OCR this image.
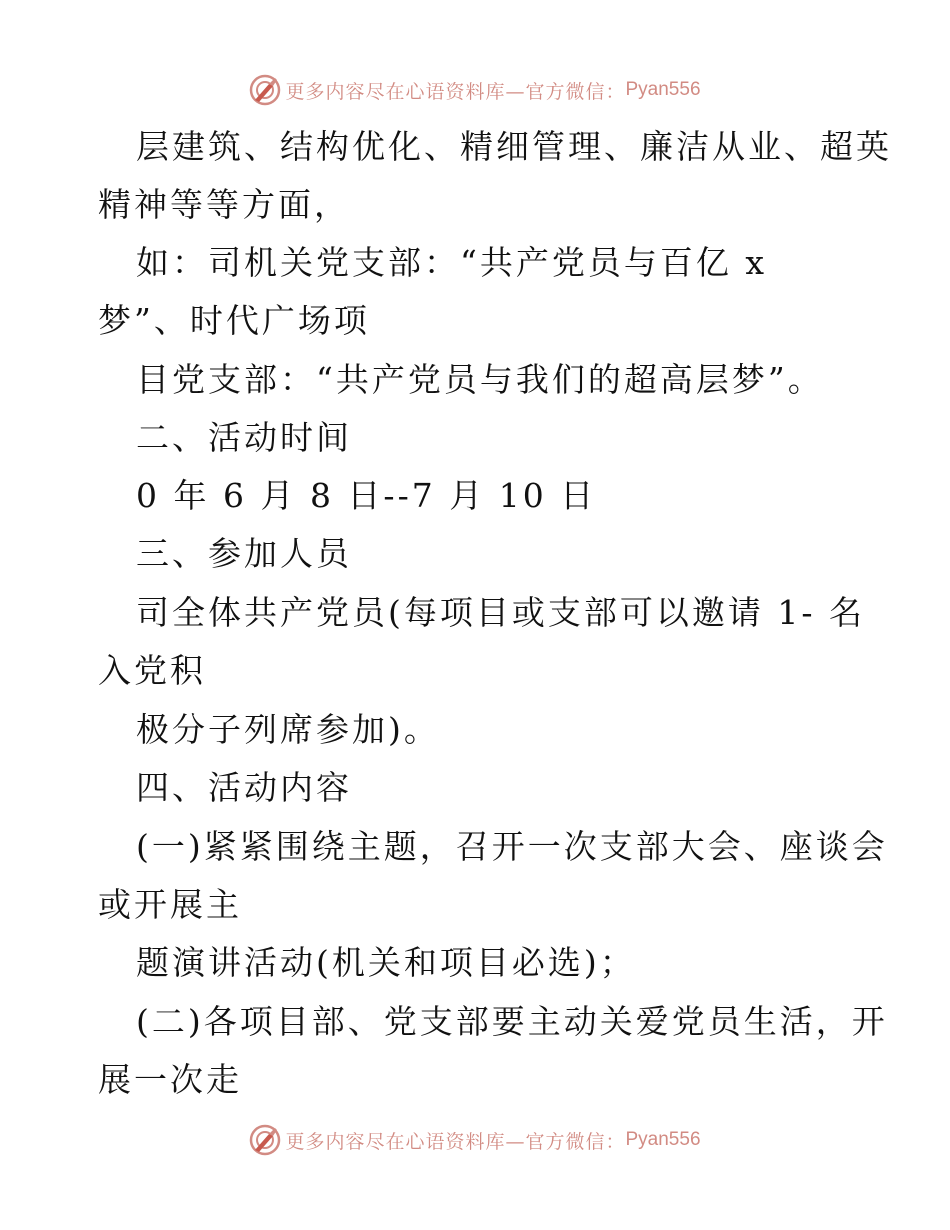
更多内容尽在心语资料库—官方微信： Pyan556
层建筑、结构优化、精细管理、廉洁从业、超英
精神等等方面，
如：司机关党支部：“共产党员与百亿 x
梦”、时代广场项
目党支部：“共产党员与我们的超高层梦”。
二、活动时间
0 年 6 月 8 日--7 月 10 日
三、参加人员
司全体共产党员(每项目或支部可以邀请 1- 名
入党积
极分子列席参加)。
四、活动内容
(一)紧紧围绕主题，召开一次支部大会、座谈会
或开展主
题演讲活动(机关和项目必选)；
(二)各项目部、党支部要主动关爱党员生活，开
展一次走
更多内容尽在心语资料库—官方微信： Pyan556
